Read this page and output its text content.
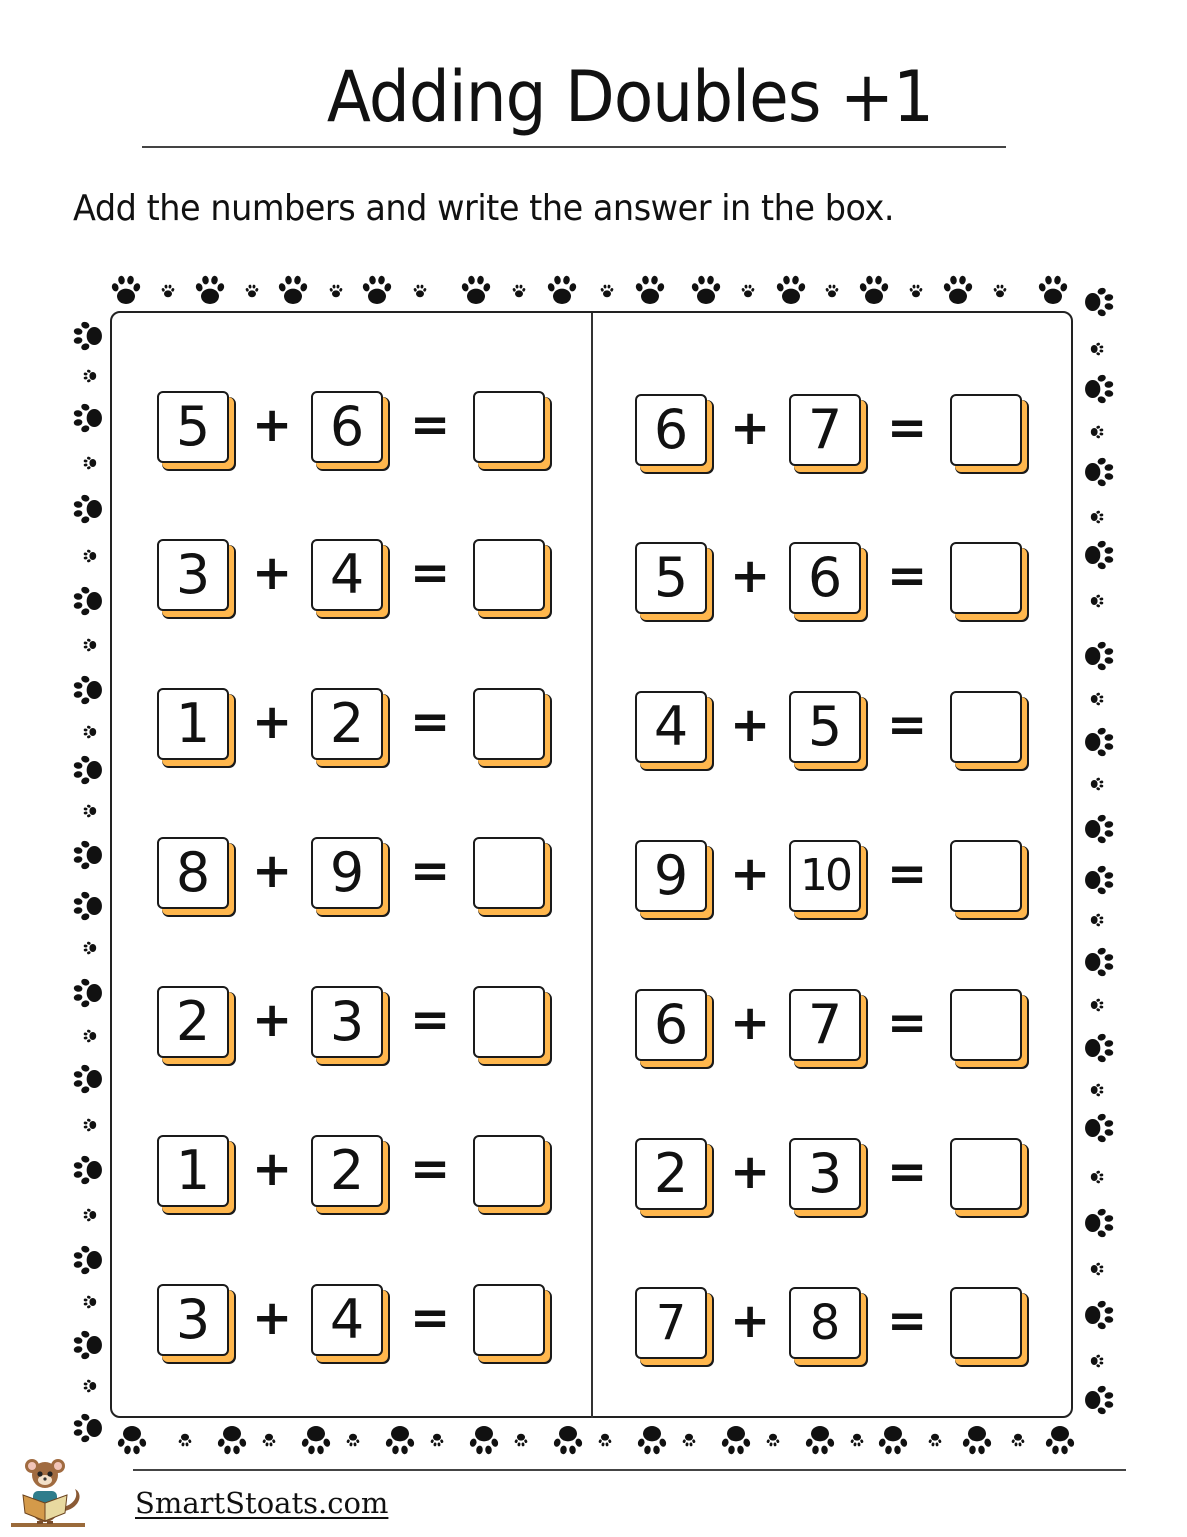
Adding Doubles +1
Add the numbers and write the answer in the box.
5 + 6 =
3 + 4 =
1 + 2 =
8 + 9 =
2 + 3 =
1 + 2 =
3 + 4 =
6 + 7 =
5 + 6 =
4 + 5 =
9 + 10 =
6 + 7 =
2 + 3 =
7 + 8 =
SmartStoats.com
